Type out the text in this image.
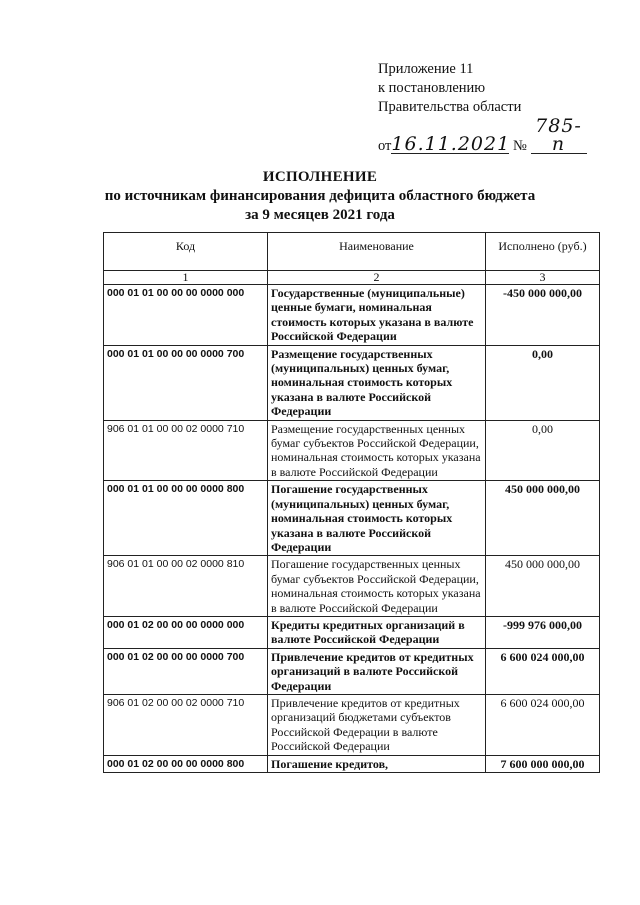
Приложение 11
к постановлению
Правительства области
от16.11.2021 № 785-п
ИСПОЛНЕНИЕ
по источникам финансирования дефицита областного бюджета
за 9 месяцев 2021 года
Код	Наименование	Исполнено (руб.)
1	2	3
000 01 01 00 00 00 0000 000	Государственные (муниципальные) ценные бумаги, номинальная стоимость которых указана в валюте Российской Федерации	-450 000 000,00
000 01 01 00 00 00 0000 700	Размещение государственных (муниципальных) ценных бумаг, номинальная стоимость которых указана в валюте Российской Федерации	0,00
906 01 01 00 00 02 0000 710	Размещение государственных ценных бумаг субъектов Российской Федерации, номинальная стоимость которых указана в валюте Российской Федерации	0,00
000 01 01 00 00 00 0000 800	Погашение государственных (муниципальных) ценных бумаг, номинальная стоимость которых указана в валюте Российской Федерации	450 000 000,00
906 01 01 00 00 02 0000 810	Погашение государственных ценных бумаг субъектов Российской Федерации, номинальная стоимость которых указана в валюте Российской Федерации	450 000 000,00
000 01 02 00 00 00 0000 000	Кредиты кредитных организаций в валюте Российской Федерации	-999 976 000,00
000 01 02 00 00 00 0000 700	Привлечение кредитов от кредитных организаций в валюте Российской Федерации	6 600 024 000,00
906 01 02 00 00 02 0000 710	Привлечение кредитов от кредитных организаций бюджетами субъектов Российской Федерации в валюте Российской Федерации	6 600 024 000,00
000 01 02 00 00 00 0000 800	Погашение кредитов,	7 600 000 000,00
